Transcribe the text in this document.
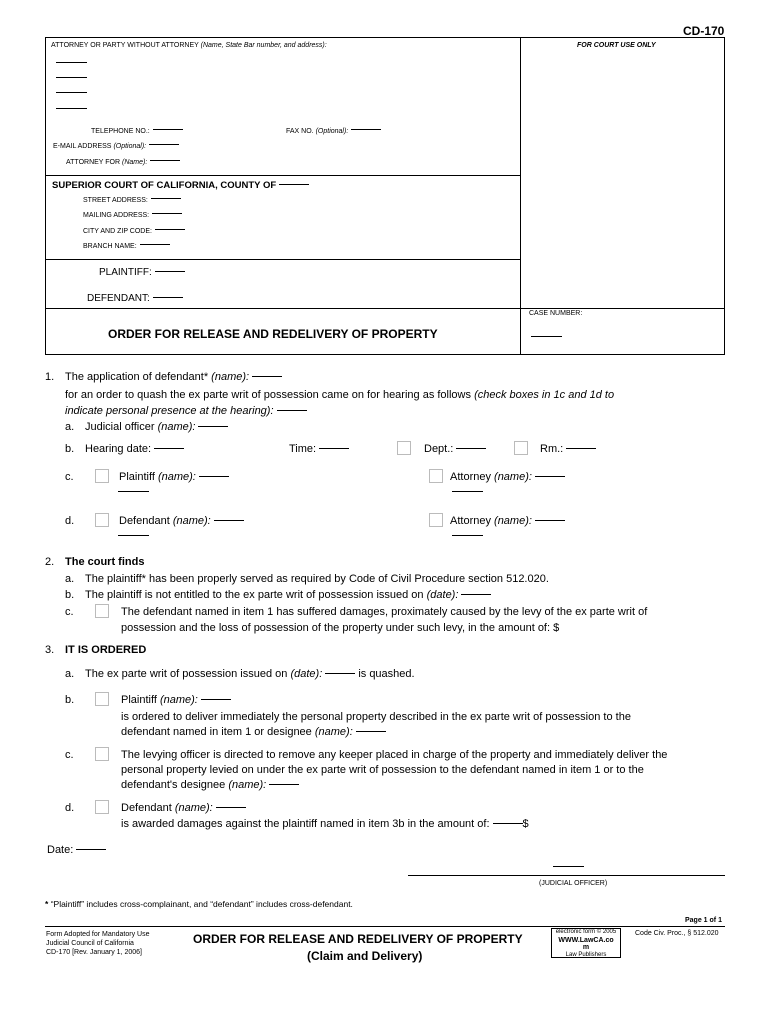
CD-170
ATTORNEY OR PARTY WITHOUT ATTORNEY (Name, State Bar number, and address):	FOR COURT USE ONLY
TELEPHONE NO.:	FAX NO. (Optional):
E-MAIL ADDRESS (Optional):
ATTORNEY FOR (Name):
SUPERIOR COURT OF CALIFORNIA, COUNTY OF
STREET ADDRESS:
MAILING ADDRESS:
CITY AND ZIP CODE:
BRANCH NAME:
PLAINTIFF:
DEFENDANT:
ORDER FOR RELEASE AND REDELIVERY OF PROPERTY
CASE NUMBER:
1. The application of defendant* (name):
for an order to quash the ex parte writ of possession came on for hearing as follows (check boxes in 1c and 1d to
indicate personal presence at the hearing):
a. Judicial officer (name):
b. Hearing date:	Time:	Dept.:	Rm.:
c.	Plaintiff (name):	Attorney (name):
d.	Defendant (name):	Attorney (name):
2. The court finds
a. The plaintiff* has been properly served as required by Code of Civil Procedure section 512.020.
b. The plaintiff is not entitled to the ex parte writ of possession issued on (date):
c.	The defendant named in item 1 has suffered damages, proximately caused by the levy of the ex parte writ of
possession and the loss of possession of the property under such levy, in the amount of: $
3. IT IS ORDERED
a. The ex parte writ of possession issued on (date):	is quashed.
b.	Plaintiff (name):
is ordered to deliver immediately the personal property described in the ex parte writ of possession to the
defendant named in item 1 or designee (name):
c.	The levying officer is directed to remove any keeper placed in charge of the property and immediately deliver the
personal property levied on under the ex parte writ of possession to the defendant named in item 1 or to the
defendant's designee (name):
d.	Defendant (name):
is awarded damages against the plaintiff named in item 3b in the amount of:	$
Date:
(JUDICIAL OFFICER)
* “Plaintiff” includes cross-complainant, and “defendant” includes cross-defendant.
Page 1 of 1
Form Adopted for Mandatory Use
Judicial Council of California
CD-170 [Rev. January 1, 2006]
ORDER FOR RELEASE AND REDELIVERY OF PROPERTY
(Claim and Delivery)
electronic form © 2005
WWW.LawCA.co
m
Law Publishers
Code Civ. Proc., § 512.020
